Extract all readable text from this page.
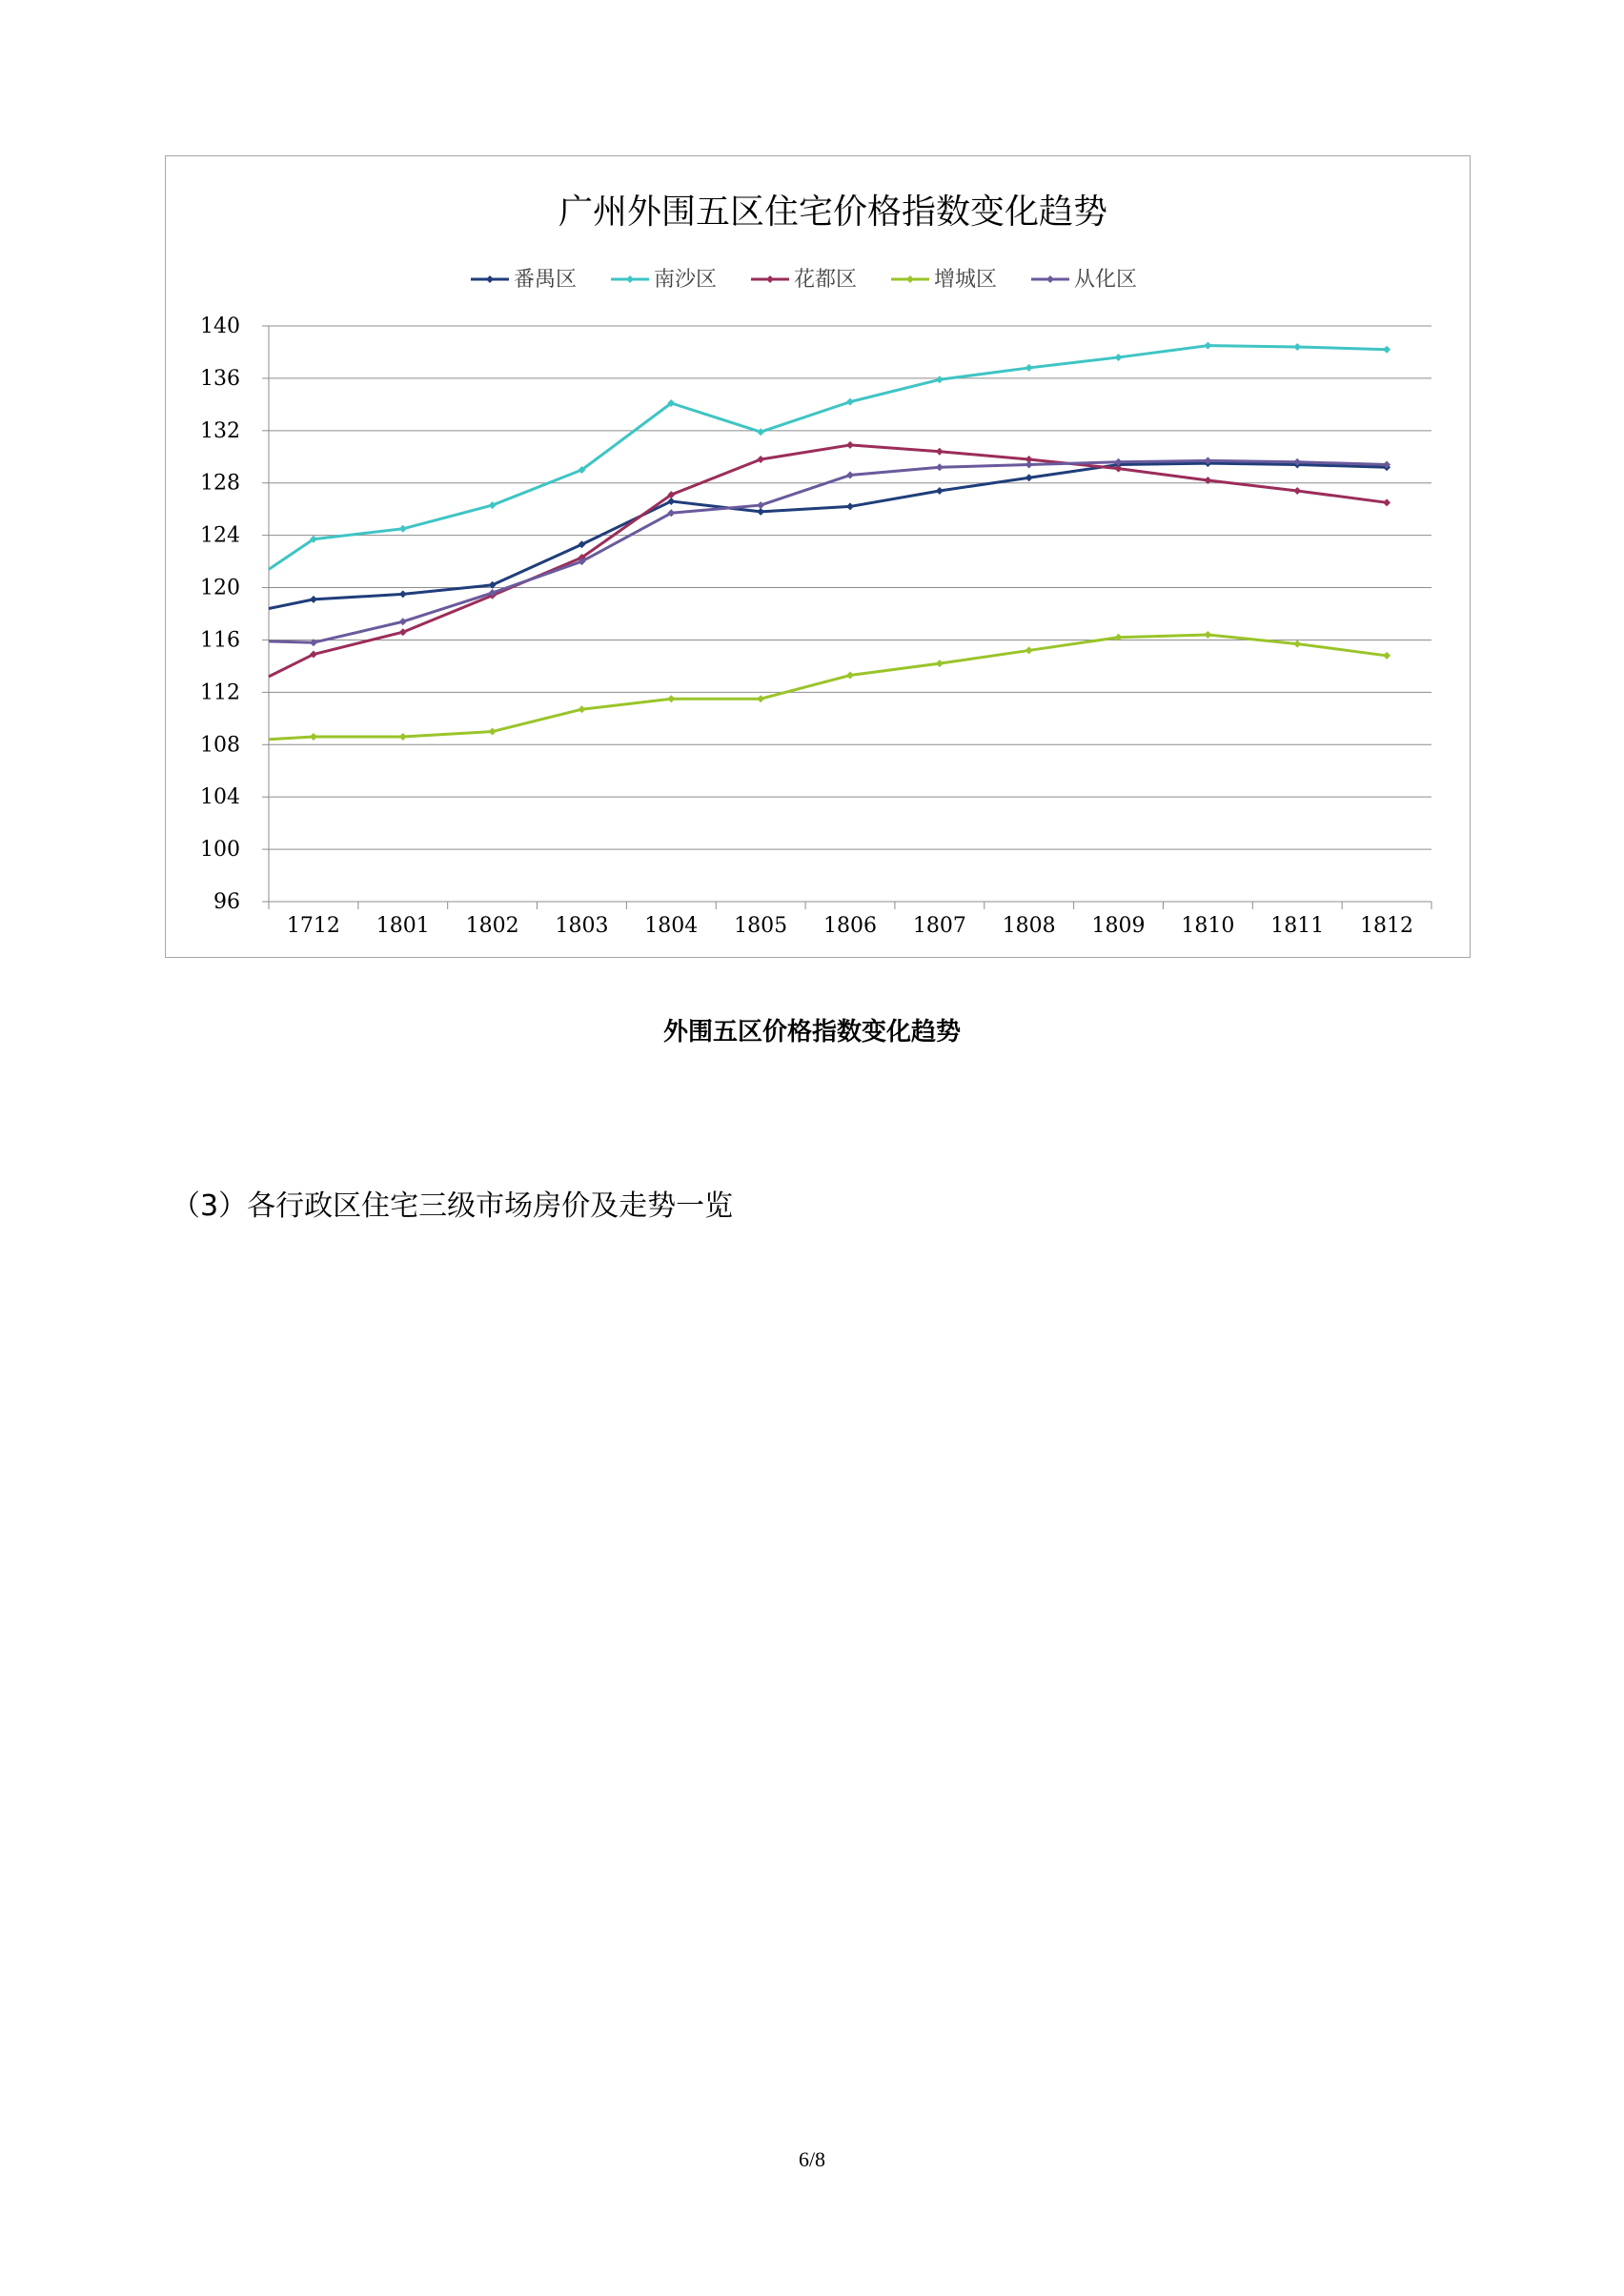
广州外围五区住宅价格指数变化趋势
番禺区	南沙区	花都区	增城区	从化区
96
100
104
108
112
116
120
124
128
132
136
140
1712 1801 1802 1803 1804 1805 1806 1807 1808 1809 1810 1811 1812
外围五区价格指数变化趋势
（3）各行政区住宅三级市场房价及走势一览
6/8
